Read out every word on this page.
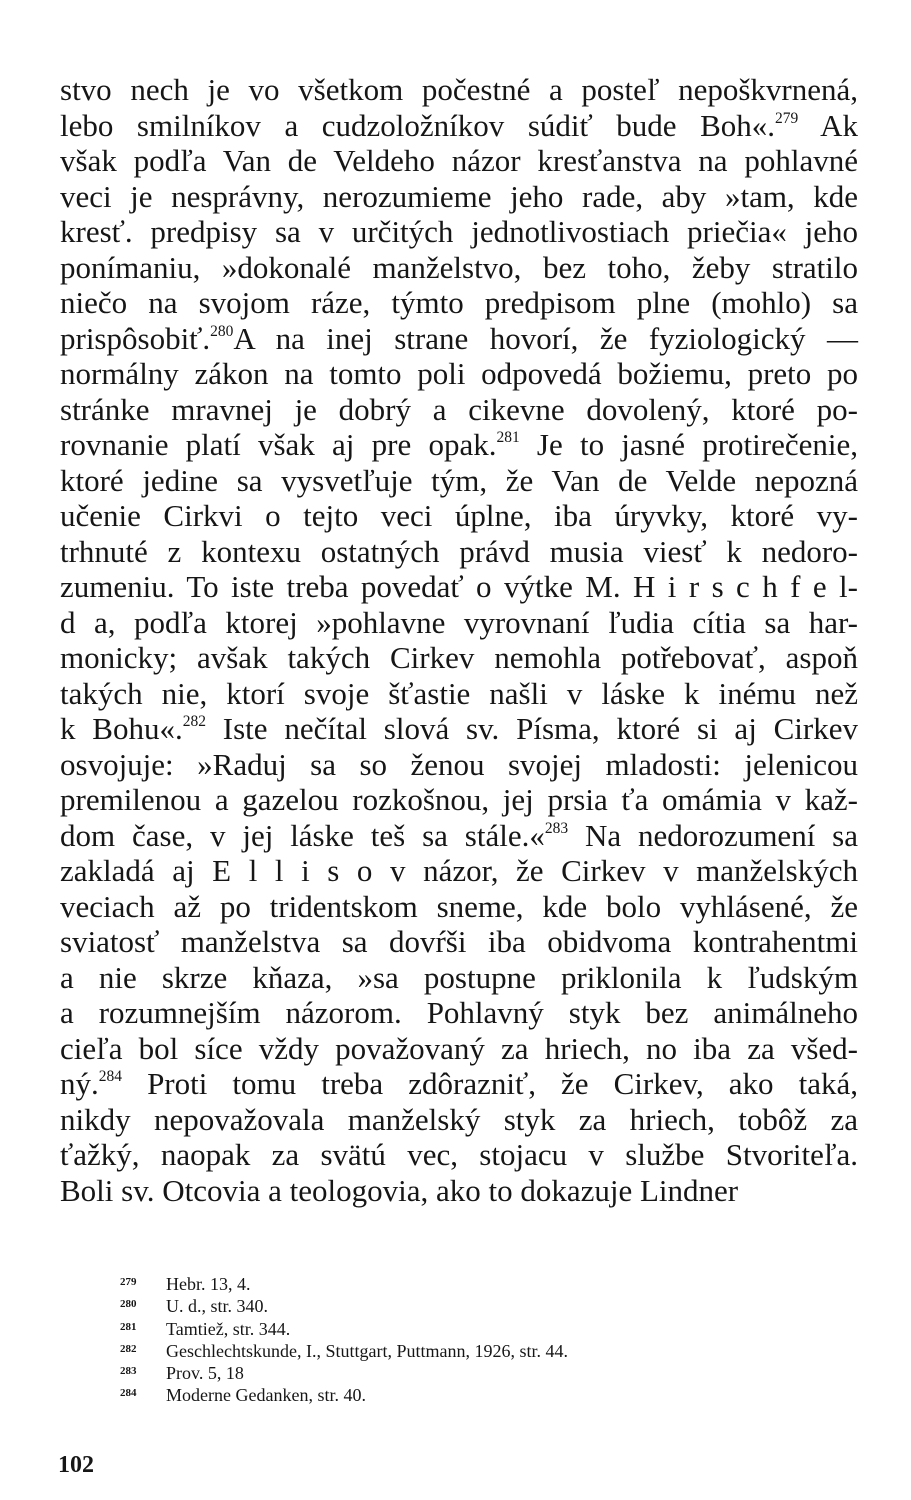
stvo nech je vo všetkom počestné a posteľ nepoškvrnená,
lebo smilníkov a cudzoložníkov súdiť bude Boh«.$^{279}$ Ak
však podľa Van de Veldeho názor kresťanstva na pohlavné
veci je nesprávny, nerozumieme jeho rade, aby »tam, kde
kresť. predpisy sa v určitých jednotlivostiach priečia« jeho
ponímaniu, »dokonalé manželstvo, bez toho, žeby stratilo
niečo na svojom ráze, týmto predpisom plne (mohlo) sa
prispôsobiť.$^{280}$A na inej strane hovorí, že fyziologický —
normálny zákon na tomto poli odpovedá božiemu, preto po
stránke mravnej je dobrý a cikevne dovolený, ktoré po-
rovnanie platí však aj pre opak.$^{281}$ Je to jasné protirečenie,
ktoré jedine sa vysvetľuje tým, že Van de Velde nepozná
učenie Cirkvi o tejto veci úplne, iba úryvky, ktoré vy-
trhnuté z kontexu ostatných právd musia viesť k nedoro-
zumeniu. To iste treba povedať o výtke M. H i r s c h f e l-
d a, podľa ktorej »pohlavne vyrovnaní ľudia cítia sa har-
monicky; avšak takých Cirkev nemohla potřebovať, aspoň
takých nie, ktorí svoje šťastie našli v láske k inému než
k Bohu«.$^{282}$ Iste nečítal slová sv. Písma, ktoré si aj Cirkev
osvojuje: »Raduj sa so ženou svojej mladosti: jelenicou
premilenou a gazelou rozkošnou, jej prsia ťa omámia v kaž-
dom čase, v jej láske teš sa stále.«$^{283}$ Na nedorozumení sa
zakladá aj E l l i s o v názor, že Cirkev v manželských
veciach až po tridentskom sneme, kde bolo vyhlásené, že
sviatosť manželstva sa dovŕši iba obidvoma kontrahentmi
a nie skrze kňaza, »sa postupne priklonila k ľudským
a rozumnejším názorom. Pohlavný styk bez animálneho
cieľa bol síce vždy považovaný za hriech, no iba za všed-
ný.$^{284}$ Proti tomu treba zdôrazniť, že Cirkev, ako taká,
nikdy nepovažovala manželský styk za hriech, tobôž za
ťažký, naopak za svätú vec, stojacu v službe Stvoriteľa.
Boli sv. Otcovia a teologovia, ako to dokazuje Lindner
279 Hebr. 13, 4.
280 U. d., str. 340.
281 Tamtiež, str. 344.
282 Geschlechtskunde, I., Stuttgart, Puttmann, 1926, str. 44.
283 Prov. 5, 18
284 Moderne Gedanken, str. 40.
102
